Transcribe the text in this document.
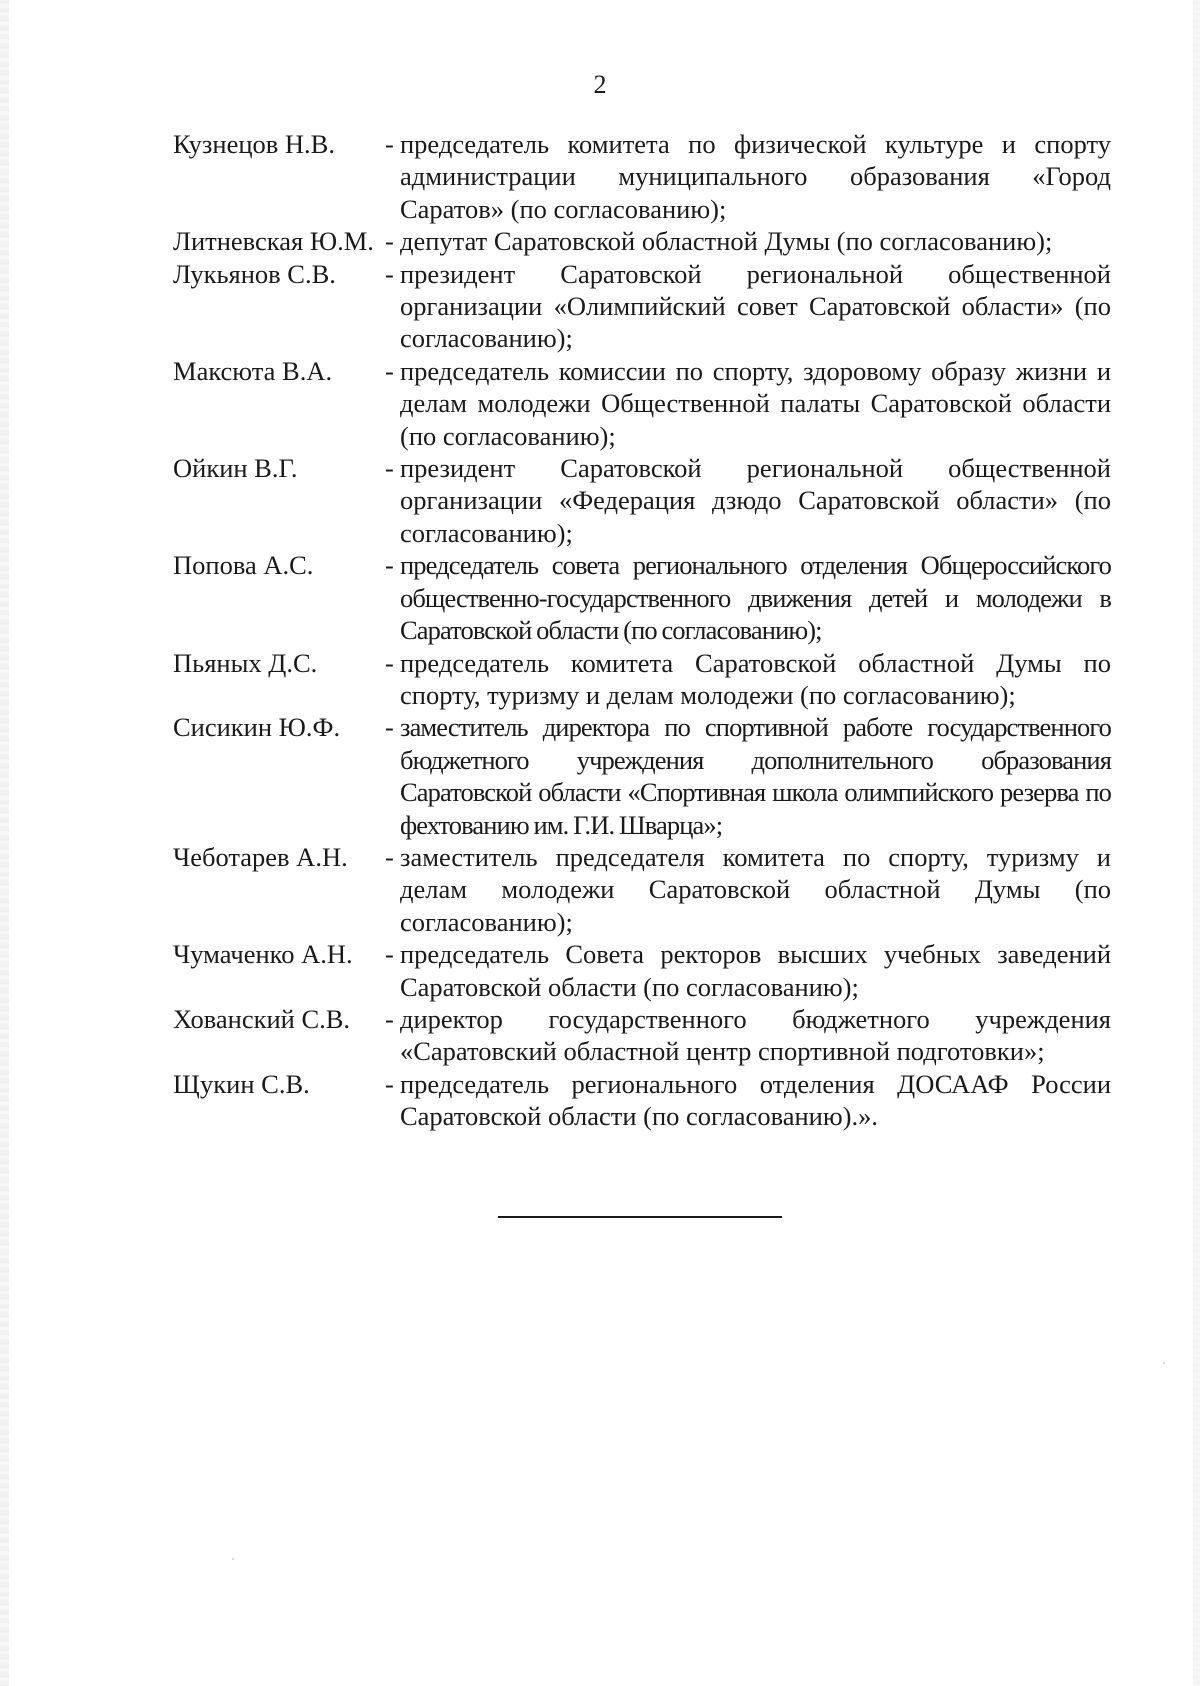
2
Кузнецов Н.В.	- председатель комитета по физической культуре и спорту администрации муниципального образования «Город Саратов» (по согласованию);
Литневская Ю.М. - депутат Саратовской областной Думы (по согласованию);
Лукьянов С.В.	- президент Саратовской региональной общественной организации «Олимпийский совет Саратовской области» (по согласованию);
Максюта В.А.	- председатель комиссии по спорту, здоровому образу жизни и делам молодежи Общественной палаты Саратовской области (по согласованию);
Ойкин В.Г.	- президент Саратовской региональной общественной организации «Федерация дзюдо Саратовской области» (по согласованию);
Попова А.С.	- председатель совета регионального отделения Общероссийского общественно-государственного движения детей и молодежи в Саратовской области (по согласованию);
Пьяных Д.С.	- председатель комитета Саратовской областной Думы по спорту, туризму и делам молодежи (по согласованию);
Сисикин Ю.Ф.	- заместитель директора по спортивной работе государственного бюджетного учреждения дополнительного образования Саратовской области «Спортивная школа олимпийского резерва по фехтованию им. Г.И. Шварца»;
Чеботарев А.Н.	- заместитель председателя комитета по спорту, туризму и делам молодежи Саратовской областной Думы (по согласованию);
Чумаченко А.Н.	- председатель Совета ректоров высших учебных заведений Саратовской области (по согласованию);
Хованский С.В.	- директор государственного бюджетного учреждения «Саратовский областной центр спортивной подготовки»;
Щукин С.В.	- председатель регионального отделения ДОСААФ России Саратовской области (по согласованию).».
